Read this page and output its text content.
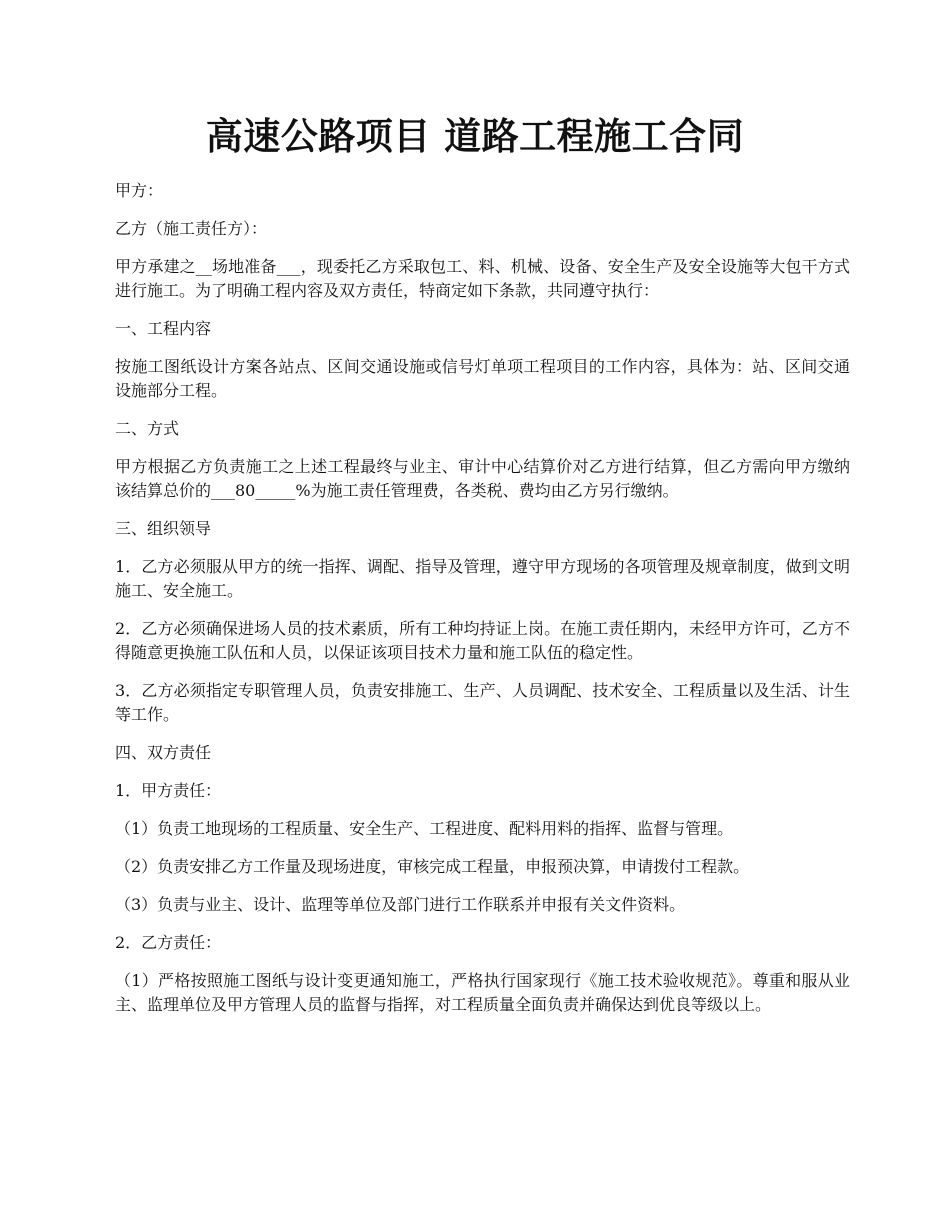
高速公路项目 道路工程施工合同

甲方：

乙方（施工责任方）：

甲方承建之__场地准备___，现委托乙方采取包工、料、机械、设备、安全生产及安全设施等大包干方式进行施工。为了明确工程内容及双方责任，特商定如下条款，共同遵守执行：

一、工程内容

按施工图纸设计方案各站点、区间交通设施或信号灯单项工程项目的工作内容，具体为：站、区间交通设施部分工程。

二、方式

甲方根据乙方负责施工之上述工程最终与业主、审计中心结算价对乙方进行结算，但乙方需向甲方缴纳该结算总价的___80_____%为施工责任管理费，各类税、费均由乙方另行缴纳。

三、组织领导

1．乙方必须服从甲方的统一指挥、调配、指导及管理，遵守甲方现场的各项管理及规章制度，做到文明施工、安全施工。

2．乙方必须确保进场人员的技术素质，所有工种均持证上岗。在施工责任期内，未经甲方许可，乙方不得随意更换施工队伍和人员，以保证该项目技术力量和施工队伍的稳定性。

3．乙方必须指定专职管理人员，负责安排施工、生产、人员调配、技术安全、工程质量以及生活、计生等工作。

四、双方责任

1．甲方责任：

（1）负责工地现场的工程质量、安全生产、工程进度、配料用料的指挥、监督与管理。

（2）负责安排乙方工作量及现场进度，审核完成工程量，申报预决算，申请拨付工程款。

（3）负责与业主、设计、监理等单位及部门进行工作联系并申报有关文件资料。

2．乙方责任：

（1）严格按照施工图纸与设计变更通知施工，严格执行国家现行《施工技术验收规范》。尊重和服从业主、监理单位及甲方管理人员的监督与指挥，对工程质量全面负责并确保达到优良等级以上。
